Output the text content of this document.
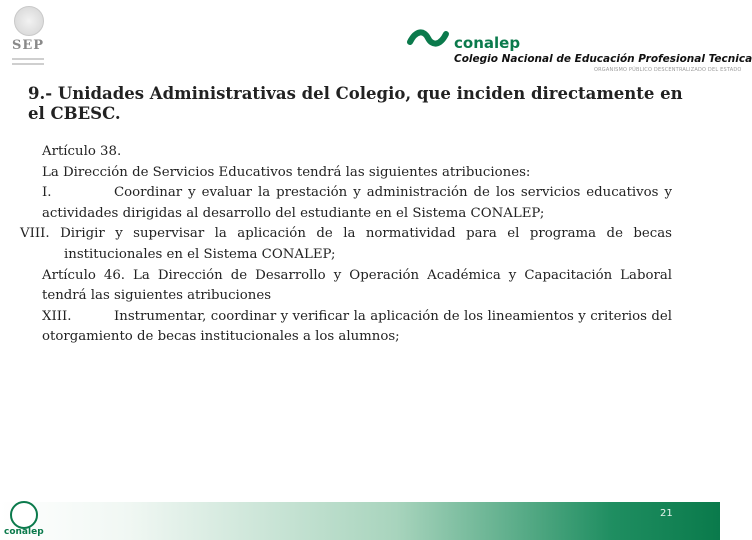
SEP	conalep
Colegio Nacional de Educación Profesional Tecnica
ORGANISMO PÚBLICO DESCENTRALIZADO DEL ESTADO
9.- Unidades Administrativas del Colegio, que inciden directamente en el CBESC.

Artículo 38.

La Dirección de Servicios Educativos tendrá las siguientes atribuciones:

I.	Coordinar y evaluar la prestación y administración de los servicios educativos y actividades dirigidas al desarrollo del estudiante en el Sistema CONALEP;

VIII. Dirigir y supervisar la aplicación de la normatividad para el programa de becas institucionales en el Sistema CONALEP;

Artículo 46. La Dirección de Desarrollo y Operación Académica y Capacitación Laboral tendrá las siguientes atribuciones

XIII.	Instrumentar, coordinar y verificar la aplicación de los lineamientos y criterios del otorgamiento de becas institucionales a los alumnos;

21
conalep
